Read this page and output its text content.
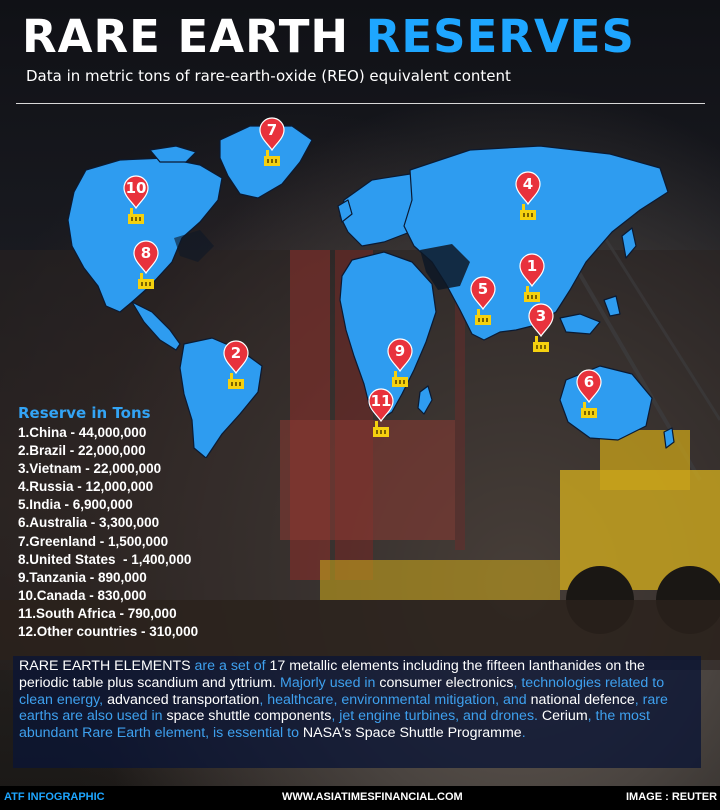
RARE EARTH RESERVES
Data in metric tons of rare-earth-oxide (REO) equivalent content
1
2
3
4
5
6
7
8
9
10
11
Reserve in Tons
1.China - 44,000,000
2.Brazil - 22,000,000
3.Vietnam - 22,000,000
4.Russia - 12,000,000
5.India - 6,900,000
6.Australia - 3,300,000
7.Greenland - 1,500,000
8.United States  - 1,400,000
9.Tanzania - 890,000
10.Canada - 830,000
11.South Africa - 790,000
12.Other countries - 310,000
RARE EARTH ELEMENTS are a set of 17 metallic elements including the fifteen lanthanides on the periodic table plus scandium and yttrium. Majorly used in consumer electronics, technologies related to clean energy, advanced transportation, healthcare, environmental mitigation, and national defence, rare earths are also used in space shuttle components, jet engine turbines, and drones. Cerium, the most abundant Rare Earth element, is essential to NASA's Space Shuttle Programme.
ATF INFOGRAPHIC	WWW.ASIATIMESFINANCIAL.COM	IMAGE : REUTER
